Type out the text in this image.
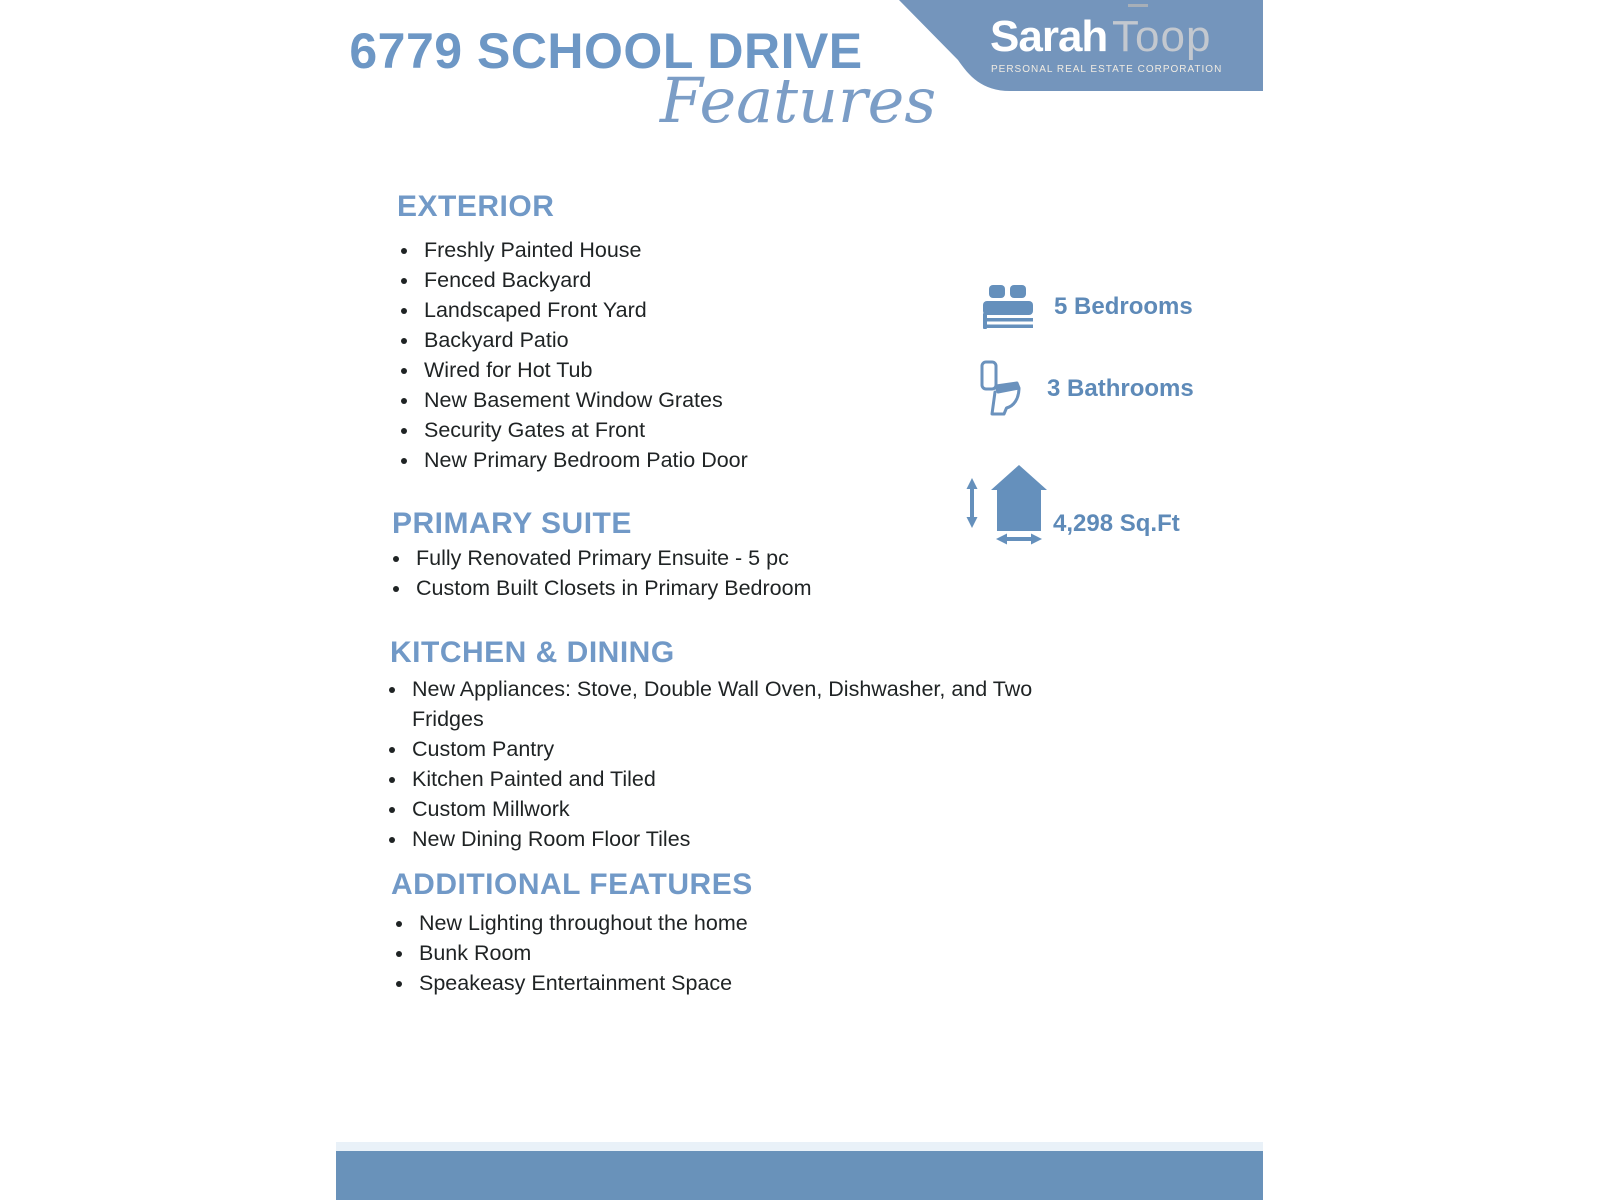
6779 SCHOOL DRIVE
Features
Sarah Toop
PERSONAL REAL ESTATE CORPORATION
EXTERIOR
• Freshly Painted House
• Fenced Backyard
• Landscaped Front Yard
• Backyard Patio
• Wired for Hot Tub
• New Basement Window Grates
• Security Gates at Front
• New Primary Bedroom Patio Door
PRIMARY SUITE
• Fully Renovated Primary Ensuite - 5 pc
• Custom Built Closets in Primary Bedroom
KITCHEN & DINING
• New Appliances: Stove, Double Wall Oven, Dishwasher, and Two Fridges
• Custom Pantry
• Kitchen Painted and Tiled
• Custom Millwork
• New Dining Room Floor Tiles
ADDITIONAL FEATURES
• New Lighting throughout the home
• Bunk Room
• Speakeasy Entertainment Space
5 Bedrooms
3 Bathrooms
4,298 Sq.Ft
